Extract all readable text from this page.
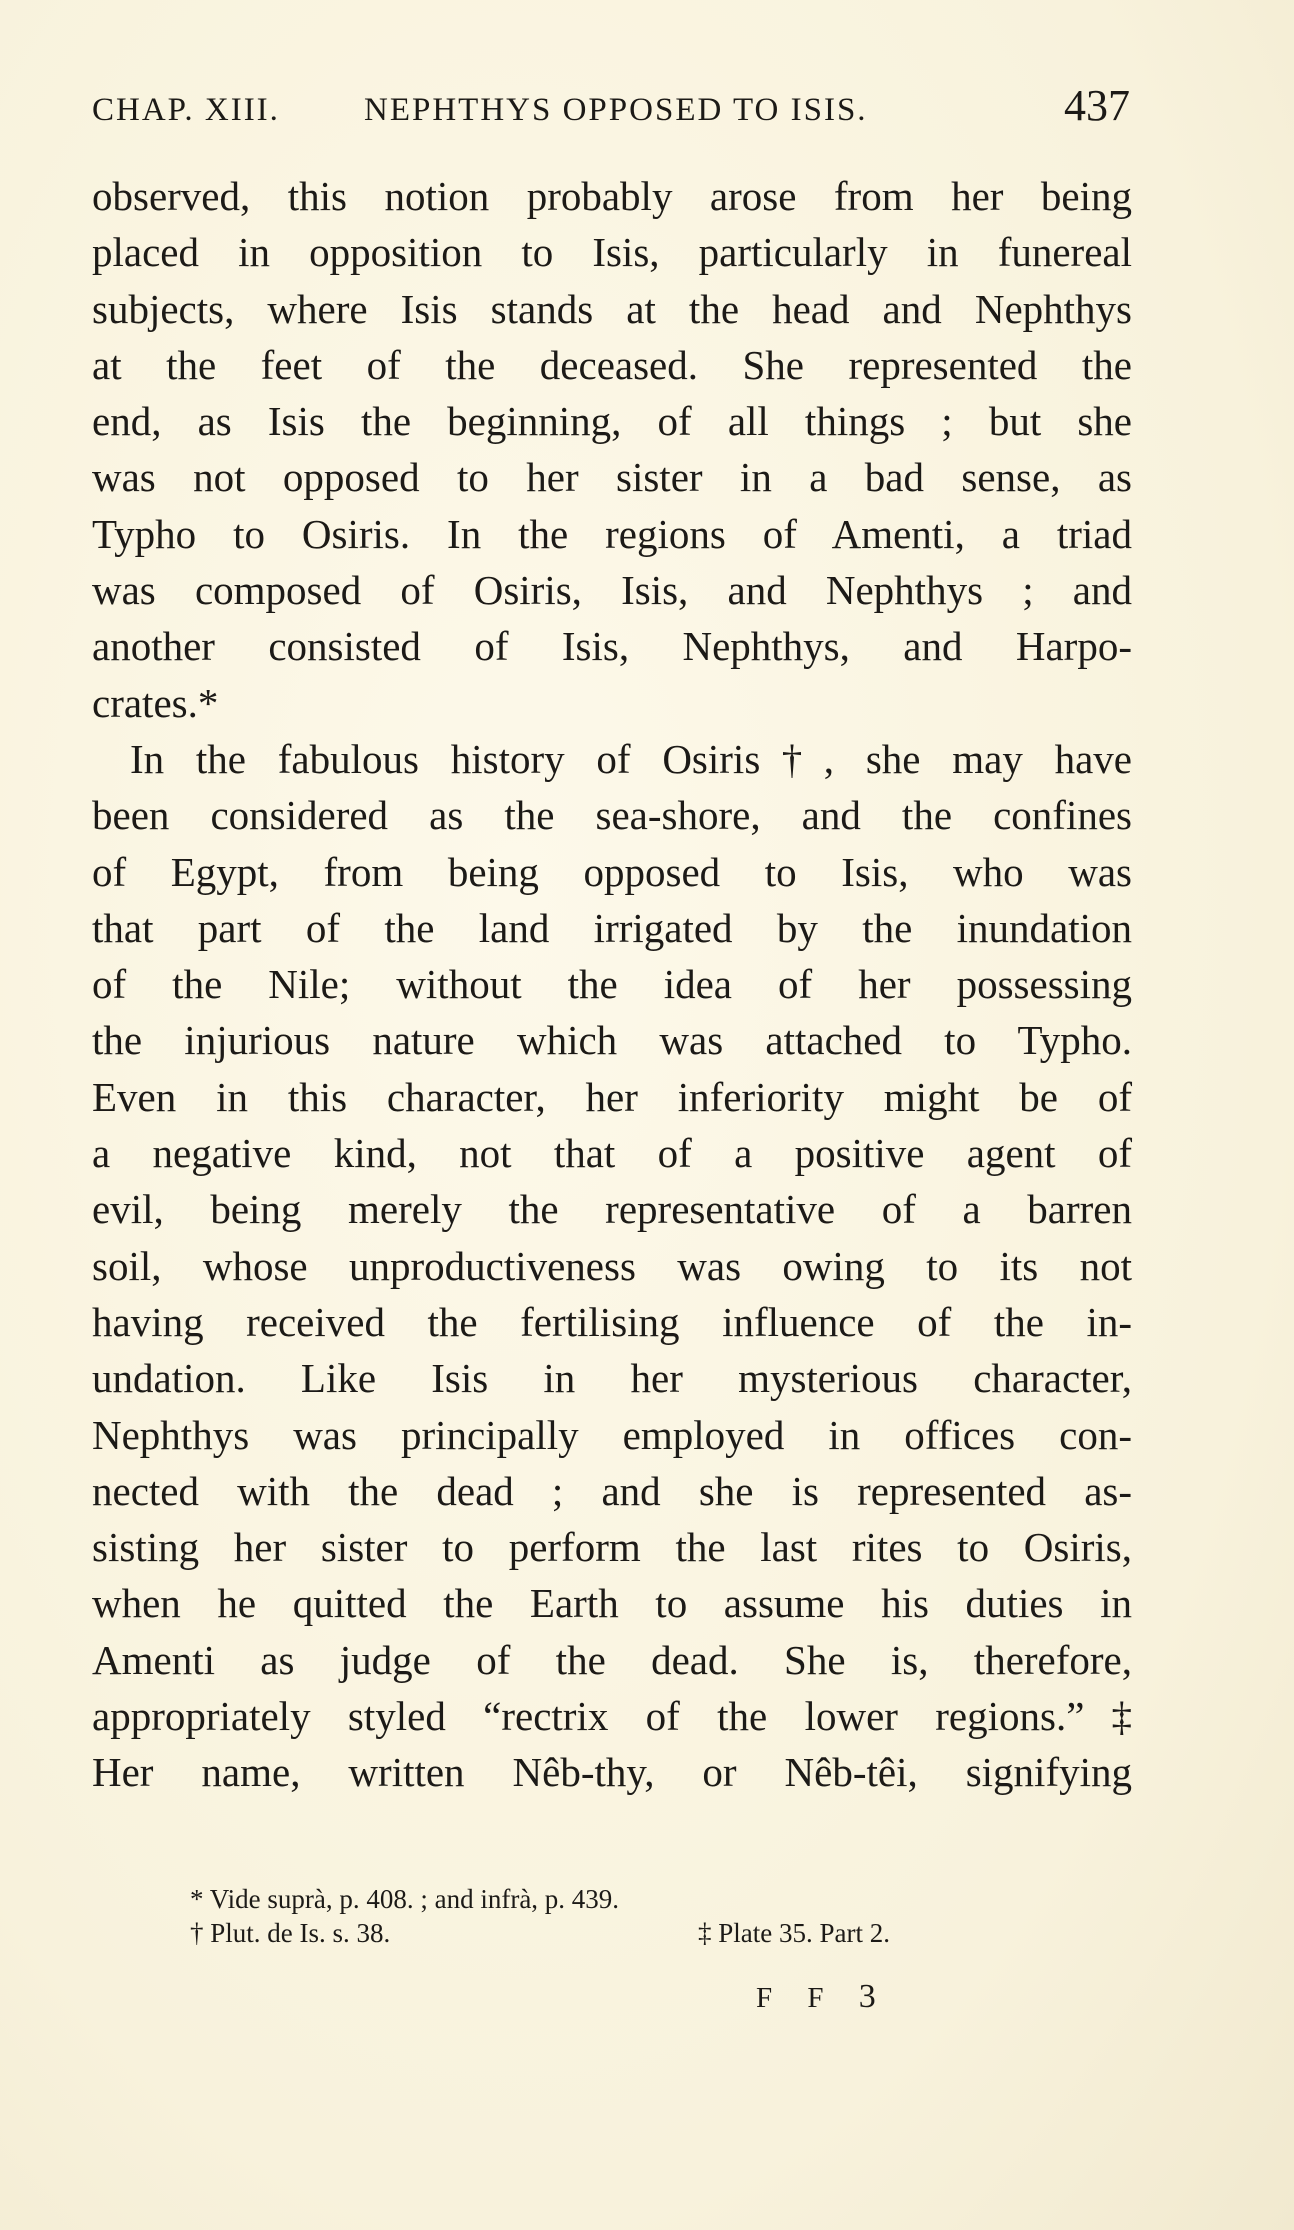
CHAP. XIII.	NEPHTHYS OPPOSED TO ISIS.	437
observed, this notion probably arose from her being
placed in opposition to Isis, particularly in funereal
subjects, where Isis stands at the head and Nephthys
at the feet of the deceased. She represented the
end, as Isis the beginning, of all things ; but she
was not opposed to her sister in a bad sense, as
Typho to Osiris. In the regions of Amenti, a triad
was composed of Osiris, Isis, and Nephthys ; and
another consisted of Isis, Nephthys, and Harpo-
crates.*
In the fabulous history of Osiris†, she may have
been considered as the sea-shore, and the confines
of Egypt, from being opposed to Isis, who was
that part of the land irrigated by the inundation
of the Nile; without the idea of her possessing
the injurious nature which was attached to Typho.
Even in this character, her inferiority might be of
a negative kind, not that of a positive agent of
evil, being merely the representative of a barren
soil, whose unproductiveness was owing to its not
having received the fertilising influence of the in-
undation. Like Isis in her mysterious character,
Nephthys was principally employed in offices con-
nected with the dead ; and she is represented as-
sisting her sister to perform the last rites to Osiris,
when he quitted the Earth to assume his duties in
Amenti as judge of the dead. She is, therefore,
appropriately styled “rectrix of the lower regions.”‡
Her name, written Nêb-thy, or Nêb-têi, signifying
* Vide suprà, p. 408. ; and infrà, p. 439.
† Plut. de Is. s. 38.	‡ Plate 35. Part 2.
F F 3
